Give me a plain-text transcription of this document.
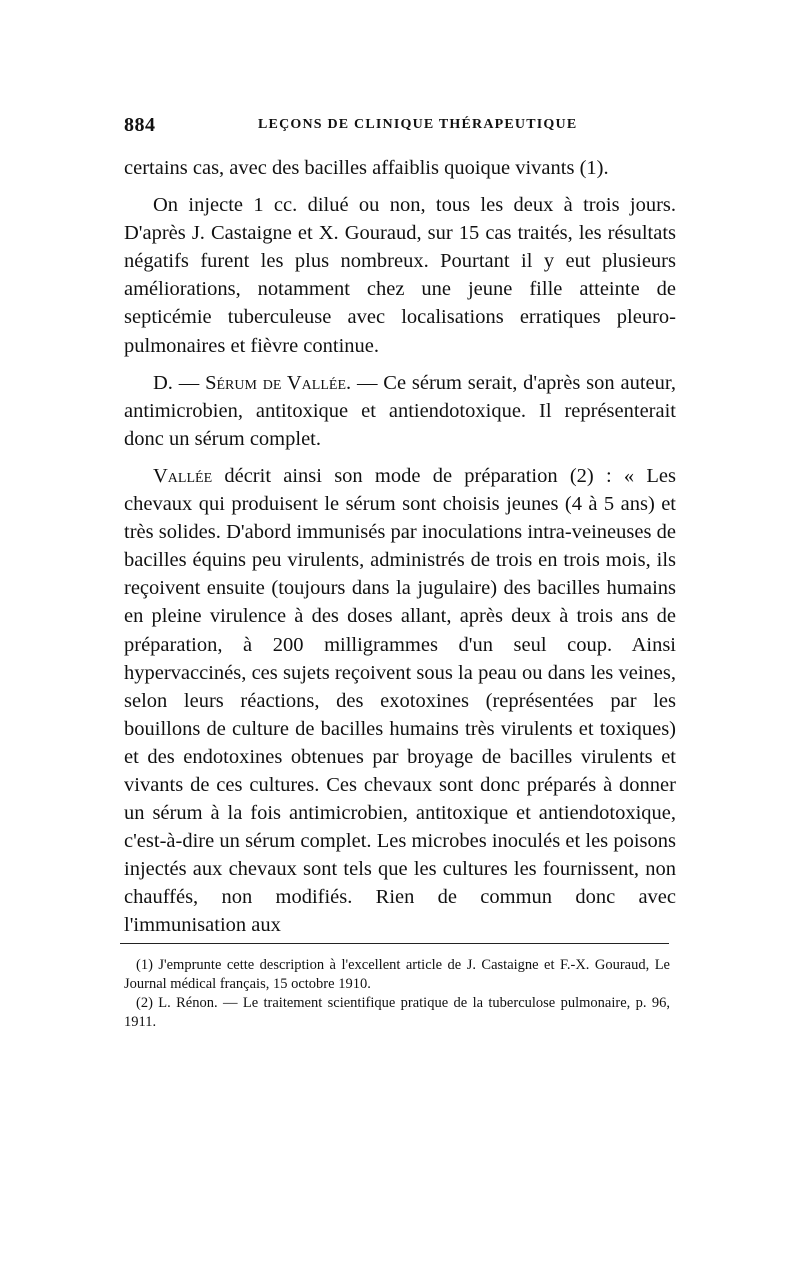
884	LEÇONS DE CLINIQUE THÉRAPEUTIQUE

certains cas, avec des bacilles affaiblis quoique vivants (1).

On injecte 1 cc. dilué ou non, tous les deux à trois jours. D'après J. Castaigne et X. Gouraud, sur 15 cas traités, les résultats négatifs furent les plus nombreux. Pourtant il y eut plusieurs améliorations, notamment chez une jeune fille atteinte de septicémie tuberculeuse avec localisations erratiques pleuro-pulmonaires et fièvre continue.

D. — Sérum de Vallée. — Ce sérum serait, d'après son auteur, antimicrobien, antitoxique et antiendotoxique. Il représenterait donc un sérum complet.

Vallée décrit ainsi son mode de préparation (2) : « Les chevaux qui produisent le sérum sont choisis jeunes (4 à 5 ans) et très solides. D'abord immunisés par inoculations intra-veineuses de bacilles équins peu virulents, administrés de trois en trois mois, ils reçoivent ensuite (toujours dans la jugulaire) des bacilles humains en pleine virulence à des doses allant, après deux à trois ans de préparation, à 200 milligrammes d'un seul coup. Ainsi hypervaccinés, ces sujets reçoivent sous la peau ou dans les veines, selon leurs réactions, des exotoxines (représentées par les bouillons de culture de bacilles humains très virulents et toxiques) et des endotoxines obtenues par broyage de bacilles virulents et vivants de ces cultures. Ces chevaux sont donc préparés à donner un sérum à la fois antimicrobien, antitoxique et antiendotoxique, c'est-à-dire un sérum complet. Les microbes inoculés et les poisons injectés aux chevaux sont tels que les cultures les fournissent, non chauffés, non modifiés. Rien de commun donc avec l'immunisation aux

(1) J'emprunte cette description à l'excellent article de J. Castaigne et F.-X. Gouraud, Le Journal médical français, 15 octobre 1910.

(2) L. Rénon. — Le traitement scientifique pratique de la tuberculose pulmonaire, p. 96, 1911.
